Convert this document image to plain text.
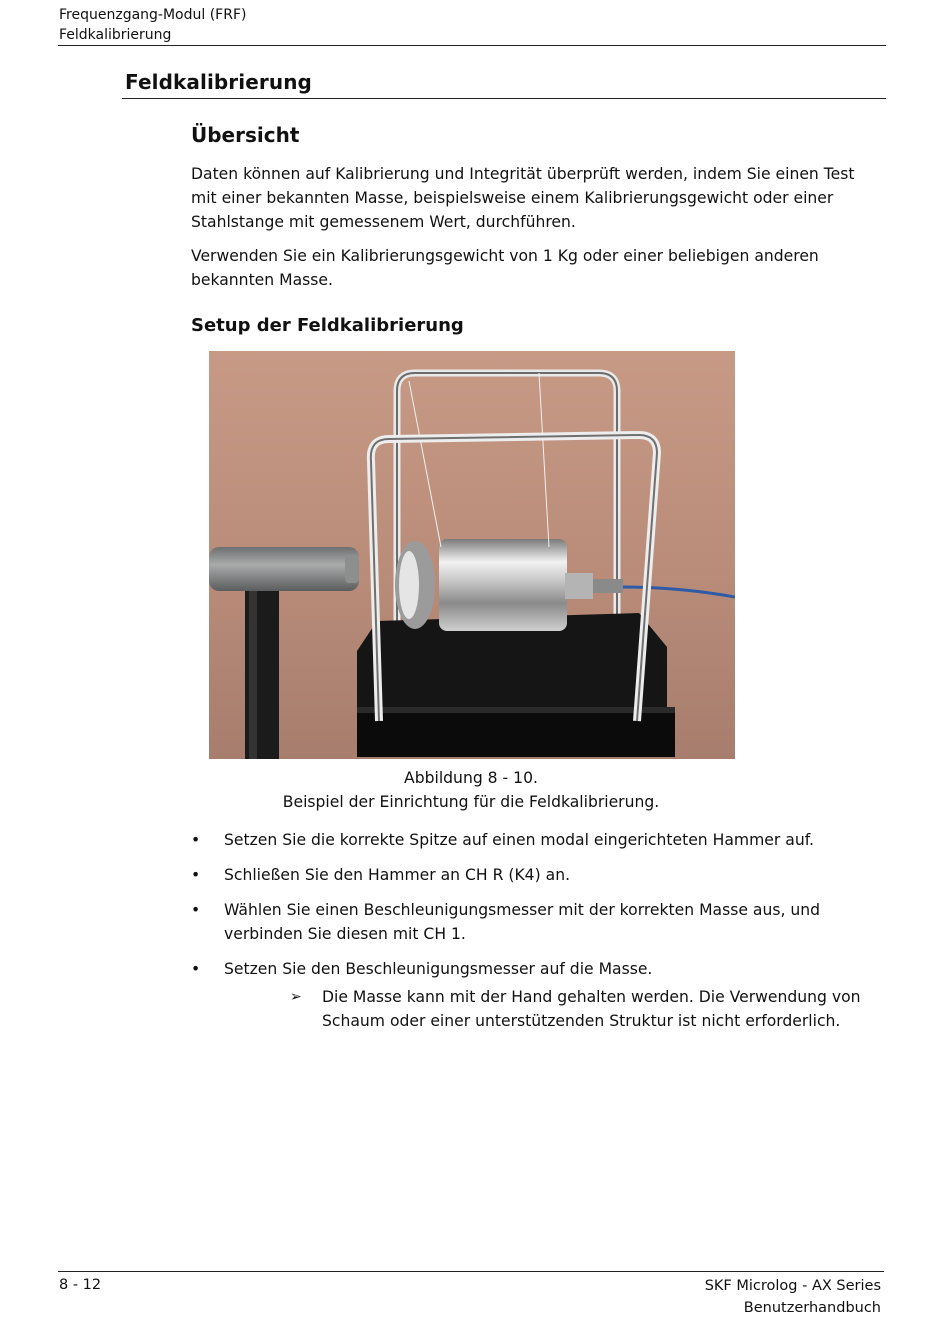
Frequenzgang-Modul (FRF)
Feldkalibrierung
Feldkalibrierung
Übersicht

Daten können auf Kalibrierung und Integrität überprüft werden, indem Sie einen Test mit einer bekannten Masse, beispielsweise einem Kalibrierungsgewicht oder einer Stahlstange mit gemessenem Wert, durchführen.

Verwenden Sie ein Kalibrierungsgewicht von 1 Kg oder einer beliebigen anderen bekannten Masse.

Setup der Feldkalibrierung
Abbildung 8 - 10.
Beispiel der Einrichtung für die Feldkalibrierung.
• Setzen Sie die korrekte Spitze auf einen modal eingerichteten Hammer auf.
• Schließen Sie den Hammer an CH R (K4) an.
• Wählen Sie einen Beschleunigungsmesser mit der korrekten Masse aus, und verbinden Sie diesen mit CH 1.
• Setzen Sie den Beschleunigungsmesser auf die Masse.
➢ Die Masse kann mit der Hand gehalten werden. Die Verwendung von Schaum oder einer unterstützenden Struktur ist nicht erforderlich.
8 - 12	SKF Microlog - AX Series
Benutzerhandbuch
